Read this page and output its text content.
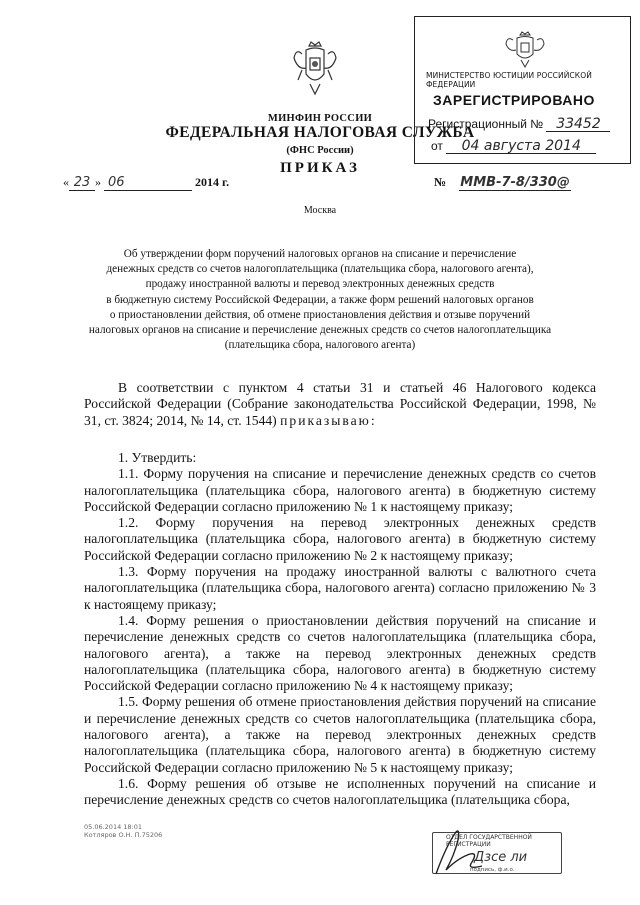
МИНФИН РОССИИ
ФЕДЕРАЛЬНАЯ НАЛОГОВАЯ СЛУЖБА
(ФНС России)
ПРИКАЗ
« 23 » 06	2014 г.	№ ММВ-7-8/330@
Москва
МИНИСТЕРСТВО ЮСТИЦИИ РОССИЙСКОЙ ФЕДЕРАЦИИ
ЗАРЕГИСТРИРОВАНО
Регистрационный № 33452
от 04 августа 2014
Об утверждении форм поручений налоговых органов на списание и перечисление
денежных средств со счетов налогоплательщика (плательщика сбора, налогового агента),
продажу иностранной валюты и перевод электронных денежных средств
в бюджетную систему Российской Федерации, а также форм решений налоговых органов
о приостановлении действия, об отмене приостановления действия и отзыве поручений
налоговых органов на списание и перечисление денежных средств со счетов налогоплательщика
(плательщика сбора, налогового агента)

В соответствии с пунктом 4 статьи 31 и статьей 46 Налогового кодекса Российской Федерации (Собрание законодательства Российской Федерации, 1998, № 31, ст. 3824; 2014, № 14, ст. 1544) приказываю:

1. Утвердить:

1.1. Форму поручения на списание и перечисление денежных средств со счетов налогоплательщика (плательщика сбора, налогового агента) в бюджетную систему Российской Федерации согласно приложению № 1 к настоящему приказу;

1.2. Форму поручения на перевод электронных денежных средств налогоплательщика (плательщика сбора, налогового агента) в бюджетную систему Российской Федерации согласно приложению № 2 к настоящему приказу;

1.3. Форму поручения на продажу иностранной валюты с валютного счета налогоплательщика (плательщика сбора, налогового агента) согласно приложению № 3 к настоящему приказу;

1.4. Форму решения о приостановлении действия поручений на списание и перечисление денежных средств со счетов налогоплательщика (плательщика сбора, налогового агента), а также на перевод электронных денежных средств налогоплательщика (плательщика сбора, налогового агента) в бюджетную систему Российской Федерации согласно приложению № 4 к настоящему приказу;

1.5. Форму решения об отмене приостановления действия поручений на списание и перечисление денежных средств со счетов налогоплательщика (плательщика сбора, налогового агента), а также на перевод электронных денежных средств налогоплательщика (плательщика сбора, налогового агента) в бюджетную систему Российской Федерации согласно приложению № 5 к настоящему приказу;

1.6. Форму решения об отзыве не исполненных поручений на списание и перечисление денежных средств со счетов налогоплательщика (плательщика сбора,

05.06.2014 18:01
Котляров О.Н. П.75206	ОТДЕЛ ГОСУДАРСТВЕННОЙ
РЕГИСТРАЦИИ
Дзсе ли
подпись, ф.и.о.
